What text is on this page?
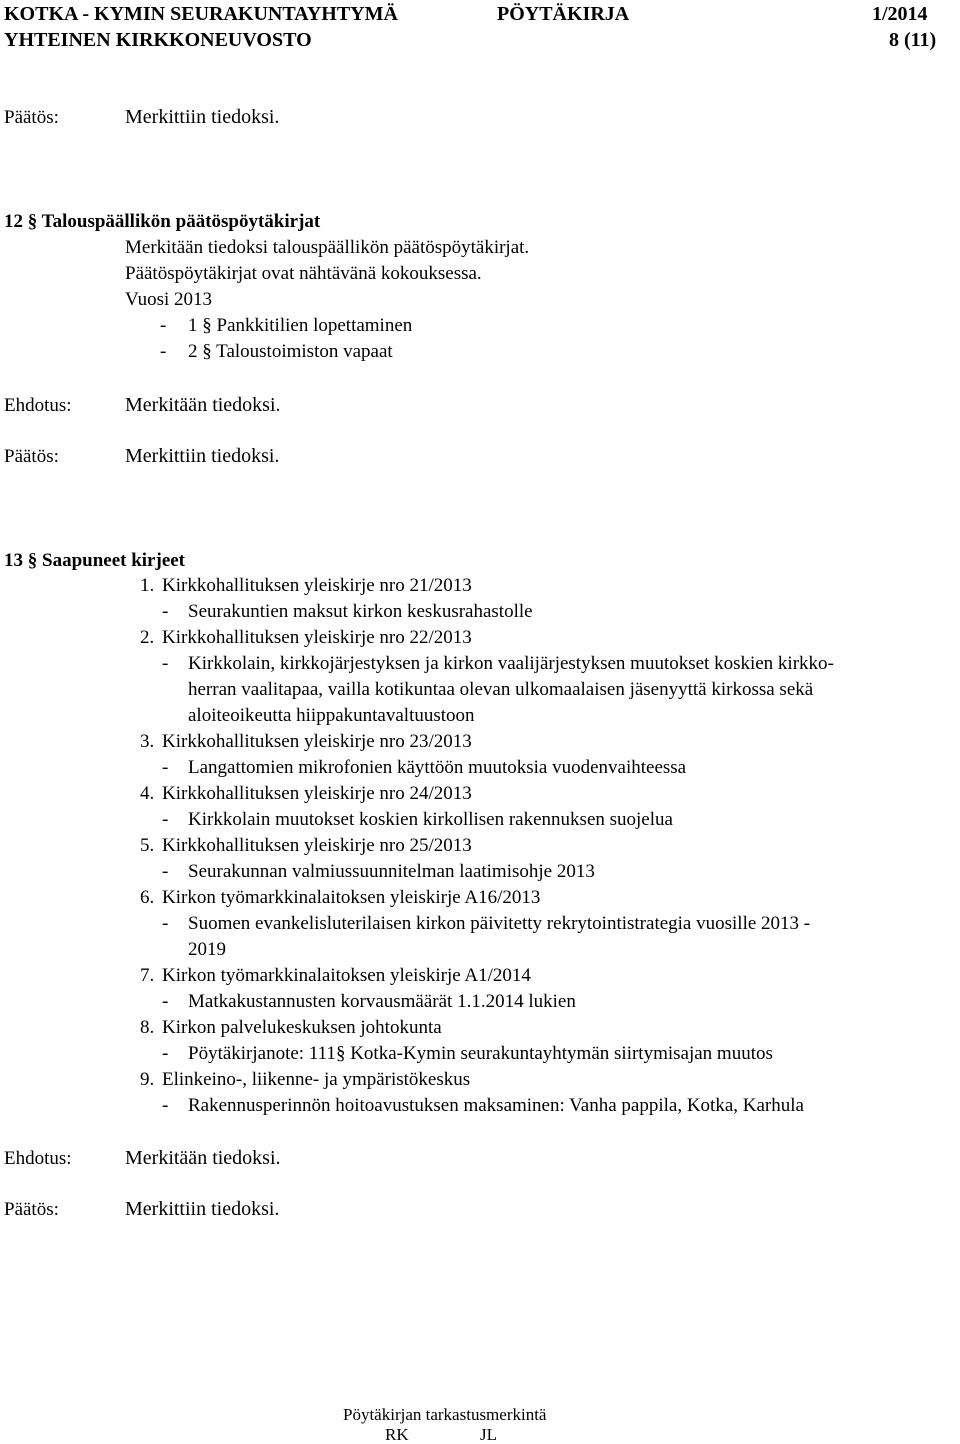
KOTKA - KYMIN SEURAKUNTAYHTYMÄ	PÖYTÄKIRJA	1/2014
YHTEINEN KIRKKONEUVOSTO	8 (11)
Päätös:	Merkittiin tiedoksi.
12 § Talouspäällikön päätöspöytäkirjat
Merkitään tiedoksi talouspäällikön päätöspöytäkirjat.
Päätöspöytäkirjat ovat nähtävänä kokouksessa.
Vuosi 2013
- 1 § Pankkitilien lopettaminen
- 2 § Taloustoimiston vapaat
Ehdotus:	Merkitään tiedoksi.
Päätös:	Merkittiin tiedoksi.
13 § Saapuneet kirjeet
1. Kirkkohallituksen yleiskirje nro 21/2013
- Seurakuntien maksut kirkon keskusrahastolle
2. Kirkkohallituksen yleiskirje nro 22/2013
- Kirkkolain, kirkkojärjestyksen ja kirkon vaalijärjestyksen muutokset koskien kirkko-
herran vaalitapaa, vailla kotikuntaa olevan ulkomaalaisen jäsenyyttä kirkossa sekä
aloiteoikeutta hiippakuntavaltuustoon
3. Kirkkohallituksen yleiskirje nro 23/2013
- Langattomien mikrofonien käyttöön muutoksia vuodenvaihteessa
4. Kirkkohallituksen yleiskirje nro 24/2013
- Kirkkolain muutokset koskien kirkollisen rakennuksen suojelua
5. Kirkkohallituksen yleiskirje nro 25/2013
- Seurakunnan valmiussuunnitelman laatimisohje 2013
6. Kirkon työmarkkinalaitoksen yleiskirje A16/2013
- Suomen evankelisluterilaisen kirkon päivitetty rekrytointistrategia vuosille 2013 -
2019
7. Kirkon työmarkkinalaitoksen yleiskirje A1/2014
- Matkakustannusten korvausmäärät 1.1.2014 lukien
8. Kirkon palvelukeskuksen johtokunta
- Pöytäkirjanote: 111§ Kotka-Kymin seurakuntayhtymän siirtymisajan muutos
9. Elinkeino-, liikenne- ja ympäristökeskus
- Rakennusperinnön hoitoavustuksen maksaminen: Vanha pappila, Kotka, Karhula
Ehdotus:	Merkitään tiedoksi.
Päätös:	Merkittiin tiedoksi.
Pöytäkirjan tarkastusmerkintä
RK	JL
